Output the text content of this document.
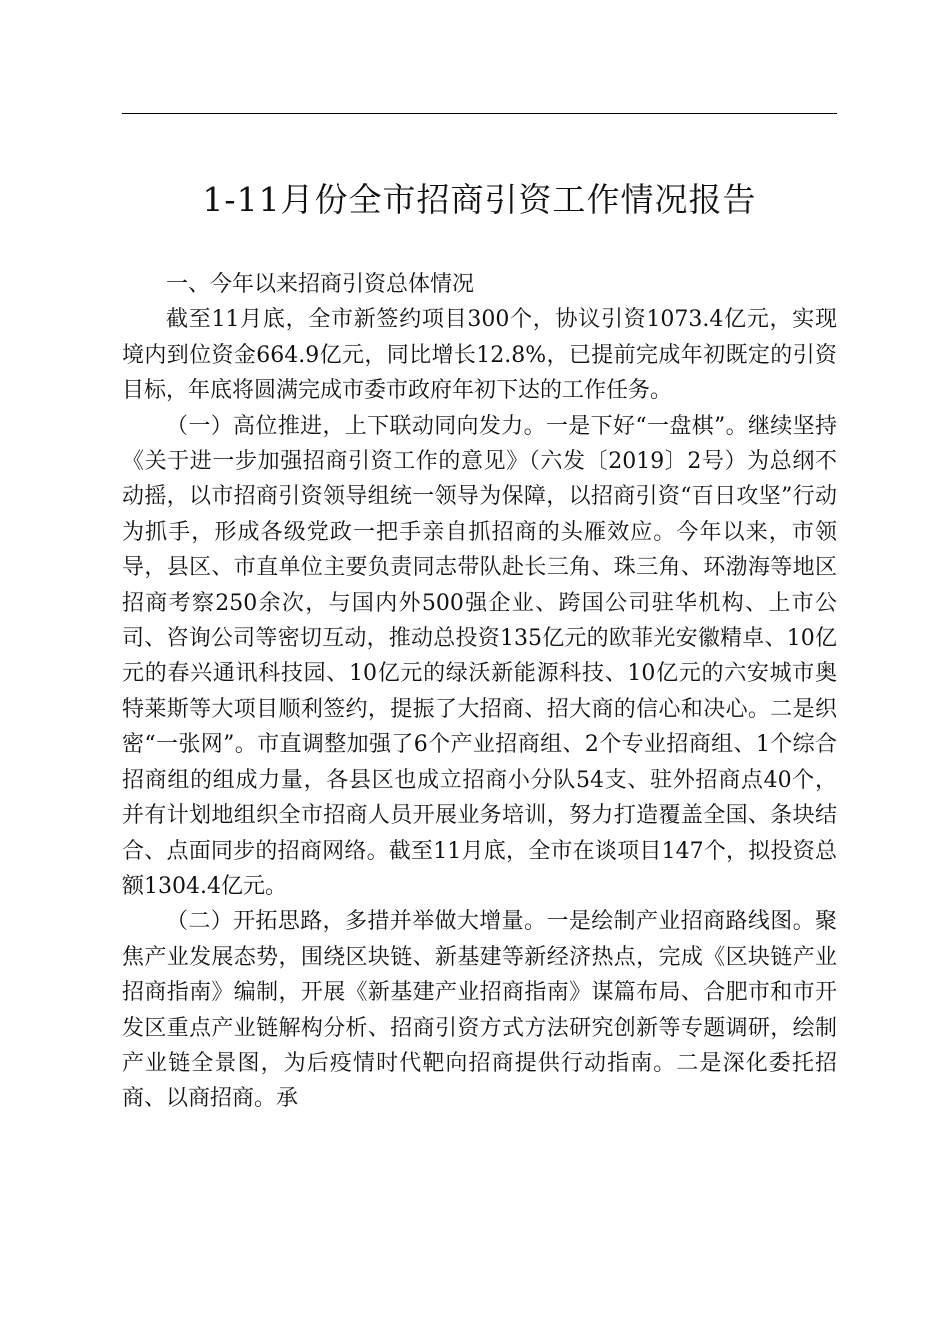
1-11月份全市招商引资工作情况报告

一、今年以来招商引资总体情况

截至11月底，全市新签约项目300个，协议引资1073.4亿元，实现境内到位资金664.9亿元，同比增长12.8%，已提前完成年初既定的引资目标，年底将圆满完成市委市政府年初下达的工作任务。

（一）高位推进，上下联动同向发力。一是下好“一盘棋”。继续坚持《关于进一步加强招商引资工作的意见》（六发〔2019〕2号）为总纲不动摇，以市招商引资领导组统一领导为保障，以招商引资“百日攻坚”行动为抓手，形成各级党政一把手亲自抓招商的头雁效应。今年以来，市领导，县区、市直单位主要负责同志带队赴长三角、珠三角、环渤海等地区招商考察250余次，与国内外500强企业、跨国公司驻华机构、上市公司、咨询公司等密切互动，推动总投资135亿元的欧菲光安徽精卓、10亿元的春兴通讯科技园、10亿元的绿沃新能源科技、10亿元的六安城市奥特莱斯等大项目顺利签约，提振了大招商、招大商的信心和决心。二是织密“一张网”。市直调整加强了6个产业招商组、2个专业招商组、1个综合招商组的组成力量，各县区也成立招商小分队54支、驻外招商点40个，并有计划地组织全市招商人员开展业务培训，努力打造覆盖全国、条块结合、点面同步的招商网络。截至11月底，全市在谈项目147个，拟投资总额1304.4亿元。

（二）开拓思路，多措并举做大增量。一是绘制产业招商路线图。聚焦产业发展态势，围绕区块链、新基建等新经济热点，完成《区块链产业招商指南》编制，开展《新基建产业招商指南》谋篇布局、合肥市和市开发区重点产业链解构分析、招商引资方式方法研究创新等专题调研，绘制产业链全景图，为后疫情时代靶向招商提供行动指南。二是深化委托招商、以商招商。承
